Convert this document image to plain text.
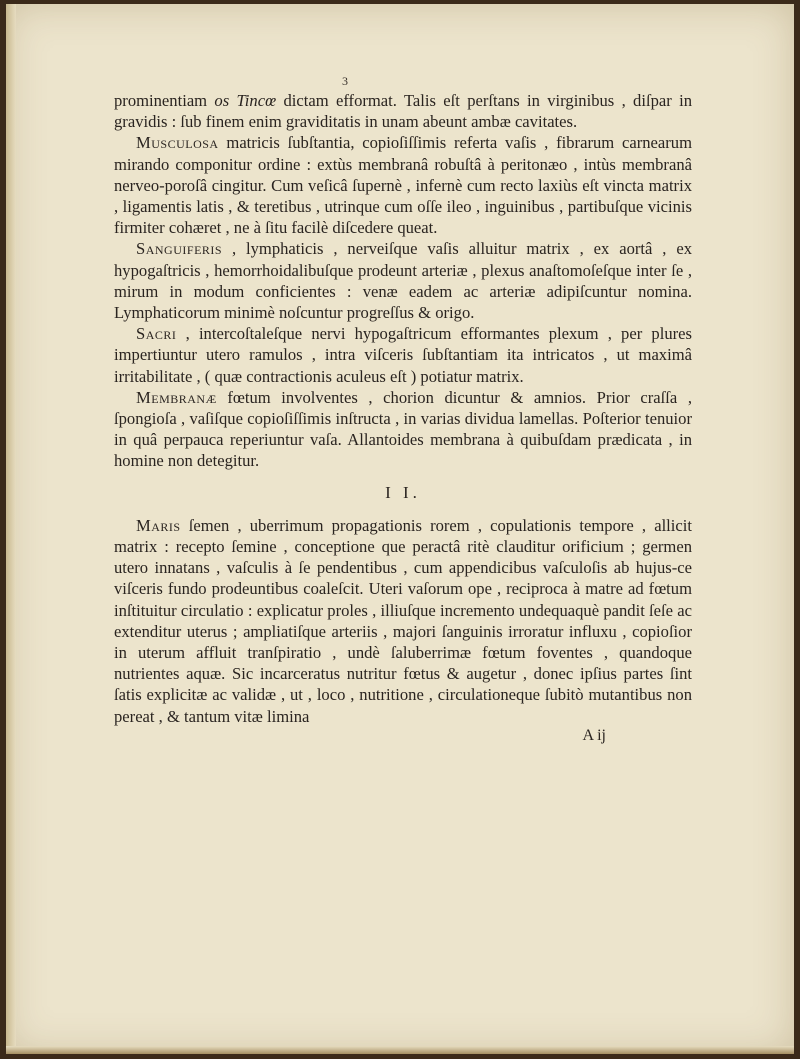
3

prominentiam os Tincœ dictam efformat. Talis eſt perſtans in virginibus , diſpar in gravidis : ſub finem enim graviditatis in unam abeunt ambæ cavitates.

Musculosa matricis ſubſtantia, copioſiſſimis referta vaſis , fibrarum carnearum mirando componitur ordine : extùs membranâ robuſtâ à peritonæo , intùs membranâ nerveo-poroſâ cingitur. Cum veſicâ ſupernè , infernè cum recto laxiùs eſt vincta matrix , ligamentis latis , & teretibus , utrinque cum oſſe ileo , inguinibus , partibuſque vicinis firmiter cohæret , ne à ſitu facilè diſcedere queat.

Sanguiferis , lymphaticis , nerveiſque vaſis alluitur matrix , ex aortâ , ex hypogaſtricis , hemorrhoidalibuſque prodeunt arteriæ , plexus anaſtomoſeſque inter ſe , mirum in modum conficientes : venæ eadem ac arteriæ adipiſcuntur nomina. Lymphaticorum minimè noſcuntur progreſſus & origo.

Sacri , intercoſtaleſque nervi hypogaſtricum efformantes plexum , per plures impertiuntur utero ramulos , intra viſceris ſubſtantiam ita intricatos , ut maximâ irritabilitate , ( quæ contractionis aculeus eſt ) potiatur matrix.

Membranæ fœtum involventes , chorion dicuntur & amnios. Prior craſſa , ſpongioſa , vaſiſque copioſiſſimis inſtructa , in varias dividua lamellas. Poſterior tenuior in quâ perpauca reperiuntur vaſa. Allantoides membrana à quibuſdam prædicata , in homine non detegitur.

I I.

Maris ſemen , uberrimum propagationis rorem , copulationis tempore , allicit matrix : recepto ſemine , conceptione que peractâ ritè clauditur orificium ; germen utero innatans , vaſculis à ſe pendentibus , cum appendicibus vaſculoſis ab hujus-ce viſceris fundo prodeuntibus coaleſcit. Uteri vaſorum ope , reciproca à matre ad fœtum inſtituitur circulatio : explicatur proles , illiuſque incremento undequaquè pandit ſeſe ac extenditur uterus ; ampliatiſque arteriis , majori ſanguinis irroratur influxu , copioſior in uterum affluit tranſpiratio , undè ſaluberrimæ fœtum foventes , quandoque nutrientes aquæ. Sic incarceratus nutritur fœtus & augetur , donec ipſius partes ſint ſatis explicitæ ac validæ , ut , loco , nutritione , circulationeque ſubitò mutantibus non pereat , & tantum vitæ limina

A ij
